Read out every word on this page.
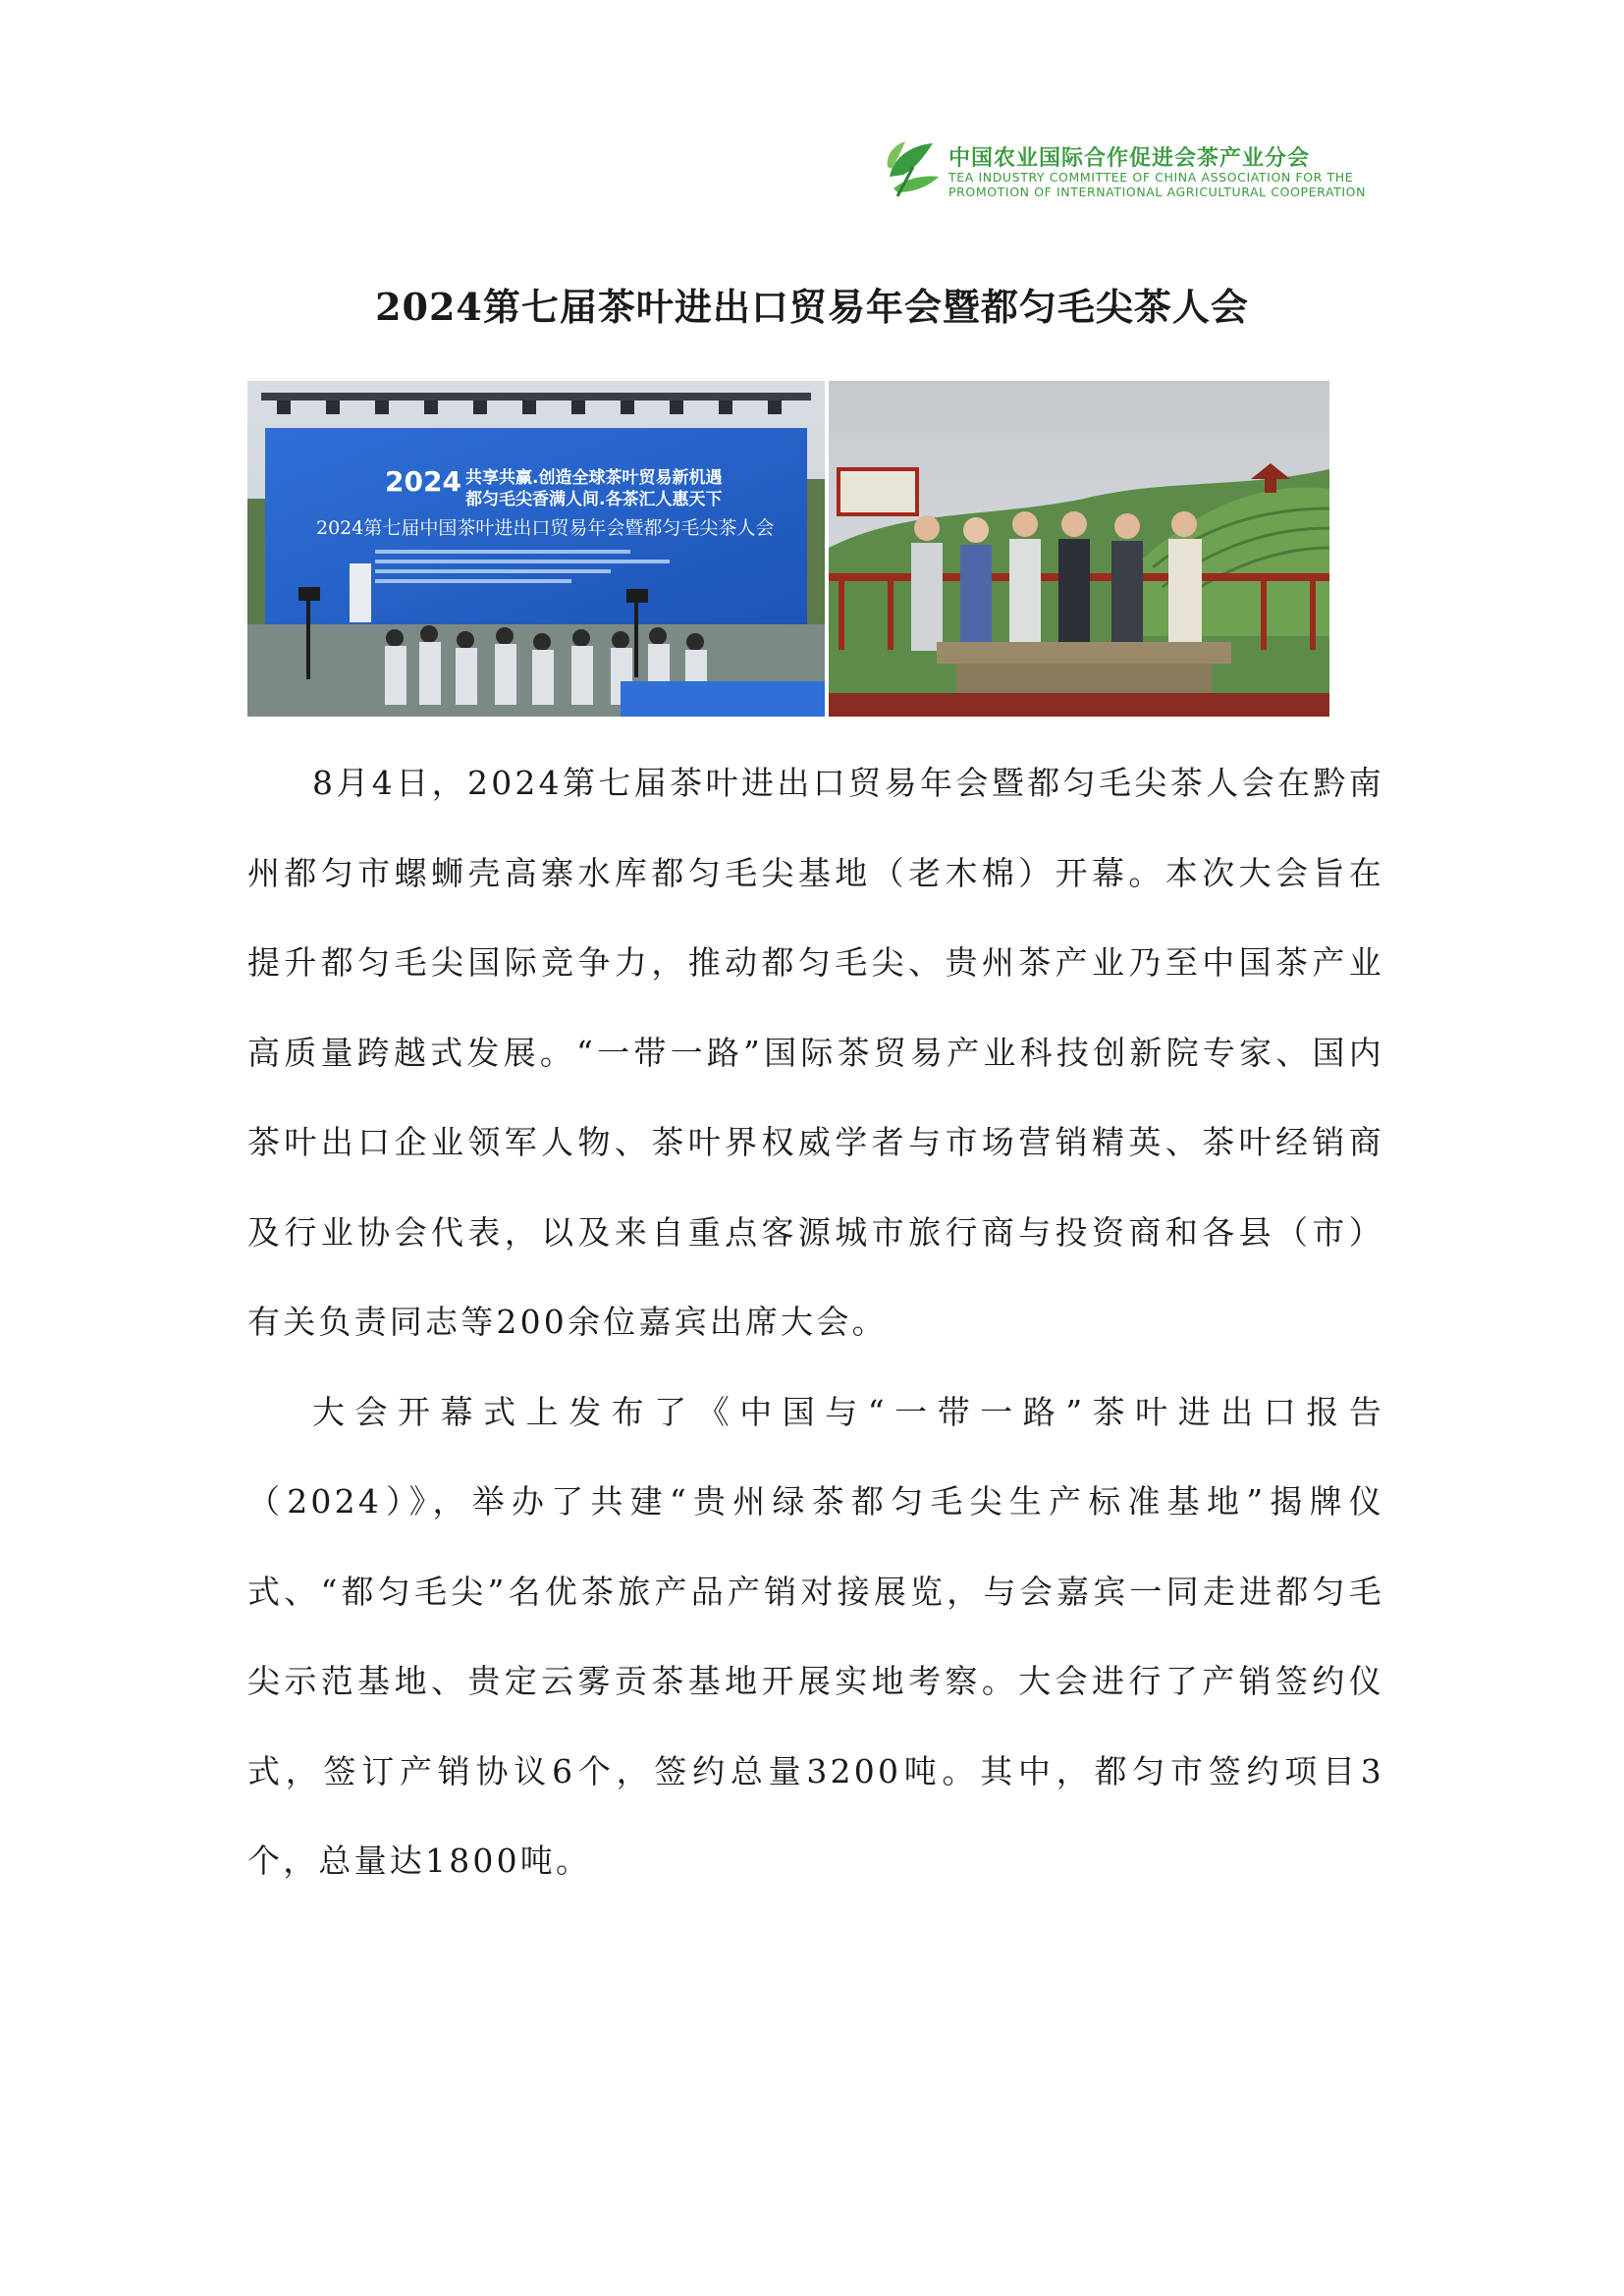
中国农业国际合作促进会茶产业分会
TEA INDUSTRY COMMITTEE OF CHINA ASSOCIATION FOR THE
PROMOTION OF INTERNATIONAL AGRICULTURAL COOPERATION
2024第七届茶叶进出口贸易年会暨都匀毛尖茶人会
2024 共享共赢.创造全球茶叶贸易新机遇
都匀毛尖香满人间.各茶汇人惠天下
2024第七届中国茶叶进出口贸易年会暨都匀毛尖茶人会

8月4日，2024第七届茶叶进出口贸易年会暨都匀毛尖茶人会在黔南州都匀市螺蛳壳高寨水库都匀毛尖基地（老木棉）开幕。本次大会旨在提升都匀毛尖国际竞争力，推动都匀毛尖、贵州茶产业乃至中国茶产业高质量跨越式发展。“一带一路”国际茶贸易产业科技创新院专家、国内茶叶出口企业领军人物、茶叶界权威学者与市场营销精英、茶叶经销商及行业协会代表，以及来自重点客源城市旅行商与投资商和各县（市）有关负责同志等200余位嘉宾出席大会。

大会开幕式上发布了《中国与“一带一路”茶叶进出口报告（2024）》，举办了共建“贵州绿茶都匀毛尖生产标准基地”揭牌仪式、“都匀毛尖”名优茶旅产品产销对接展览，与会嘉宾一同走进都匀毛尖示范基地、贵定云雾贡茶基地开展实地考察。大会进行了产销签约仪式，签订产销协议6个，签约总量3200吨。其中，都匀市签约项目3个，总量达1800吨。
